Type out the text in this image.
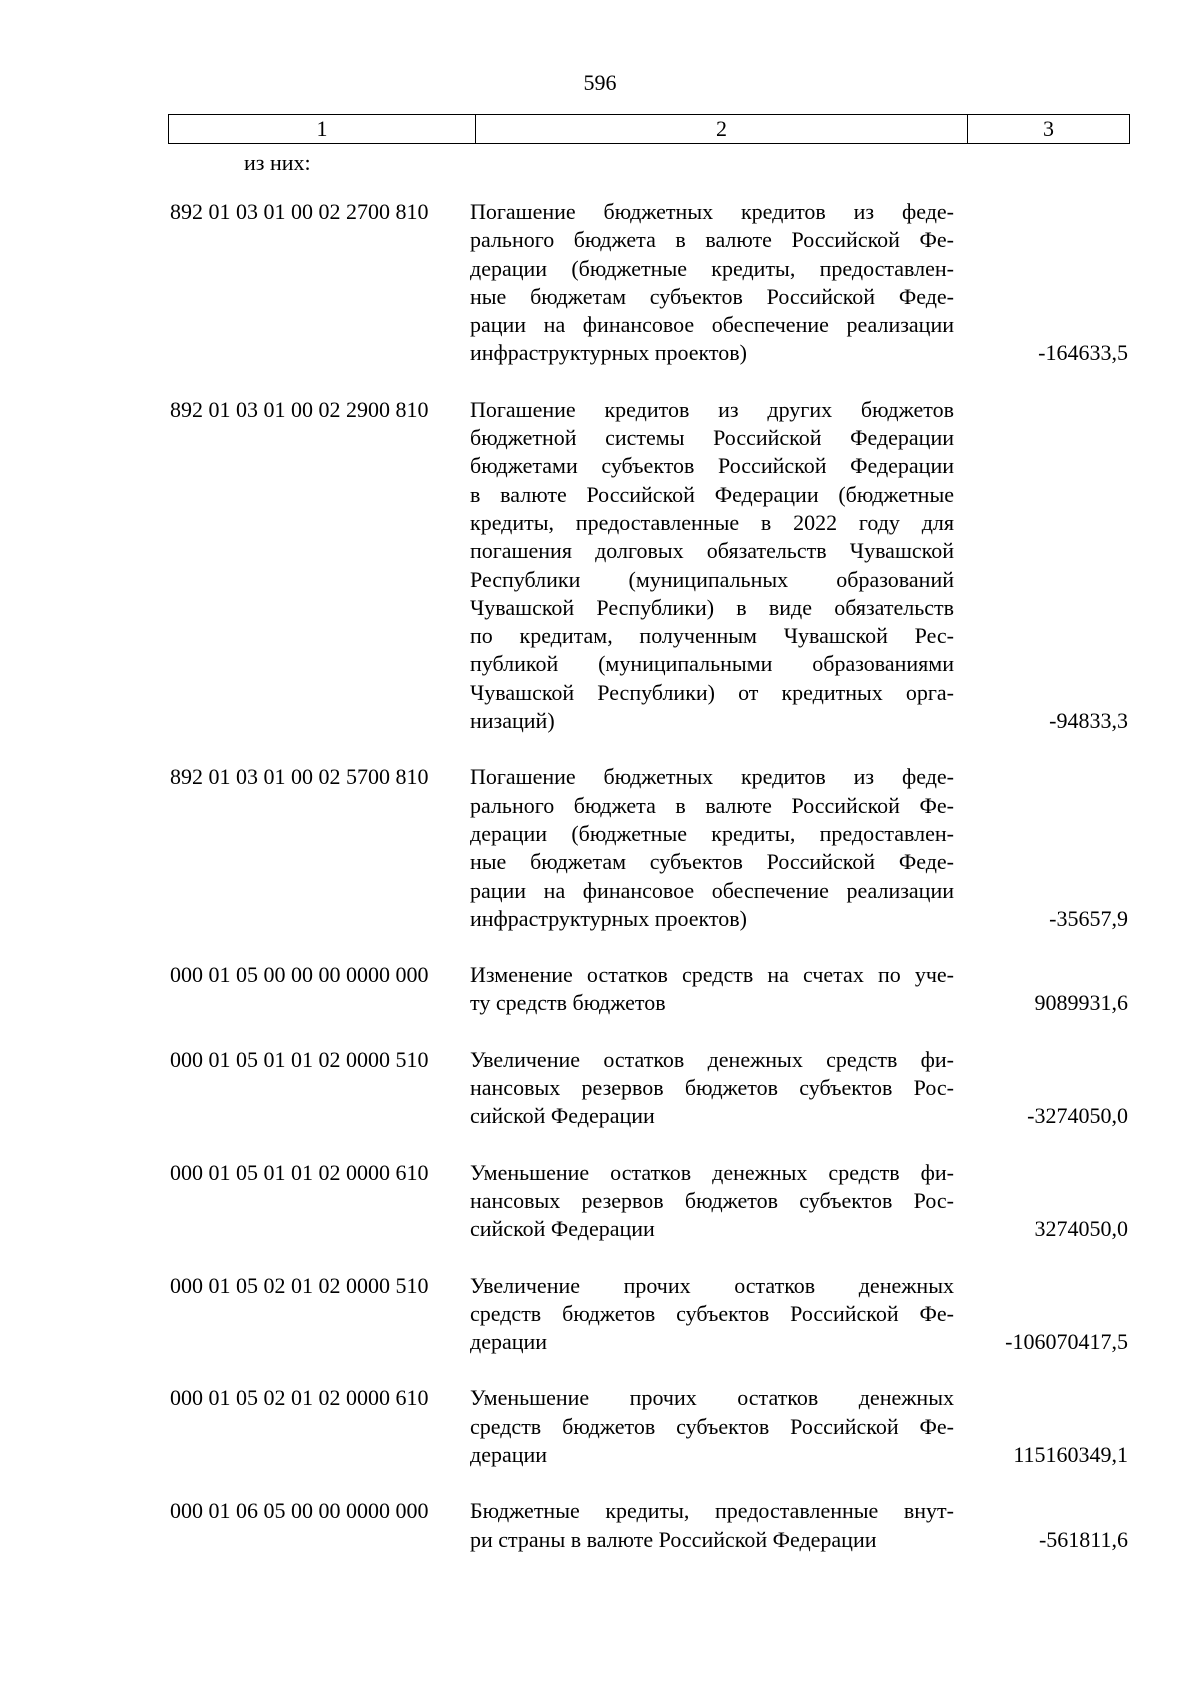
596
1	2	3
из них:
892 01 03 01 00 02 2700 810	Погашение бюджетных кредитов из феде-
рального бюджета в валюте Российской Фе-
дерации (бюджетные кредиты, предоставлен-
ные бюджетам субъектов Российской Феде-
рации на финансовое обеспечение реализации
инфраструктурных проектов)	-164633,5
892 01 03 01 00 02 2900 810	Погашение кредитов из других бюджетов
бюджетной системы Российской Федерации
бюджетами субъектов Российской Федерации
в валюте Российской Федерации (бюджетные
кредиты, предоставленные в 2022 году для
погашения долговых обязательств Чувашской
Республики (муниципальных образований
Чувашской Республики) в виде обязательств
по кредитам, полученным Чувашской Рес-
публикой (муниципальными образованиями
Чувашской Республики) от кредитных орга-
низаций)	-94833,3
892 01 03 01 00 02 5700 810	Погашение бюджетных кредитов из феде-
рального бюджета в валюте Российской Фе-
дерации (бюджетные кредиты, предоставлен-
ные бюджетам субъектов Российской Феде-
рации на финансовое обеспечение реализации
инфраструктурных проектов)	-35657,9
000 01 05 00 00 00 0000 000	Изменение остатков средств на счетах по уче-
ту средств бюджетов	9089931,6
000 01 05 01 01 02 0000 510	Увеличение остатков денежных средств фи-
нансовых резервов бюджетов субъектов Рос-
сийской Федерации	-3274050,0
000 01 05 01 01 02 0000 610	Уменьшение остатков денежных средств фи-
нансовых резервов бюджетов субъектов Рос-
сийской Федерации	3274050,0
000 01 05 02 01 02 0000 510	Увеличение прочих остатков денежных
средств бюджетов субъектов Российской Фе-
дерации	-106070417,5
000 01 05 02 01 02 0000 610	Уменьшение прочих остатков денежных
средств бюджетов субъектов Российской Фе-
дерации	115160349,1
000 01 06 05 00 00 0000 000	Бюджетные кредиты, предоставленные внут-
ри страны в валюте Российской Федерации	-561811,6
